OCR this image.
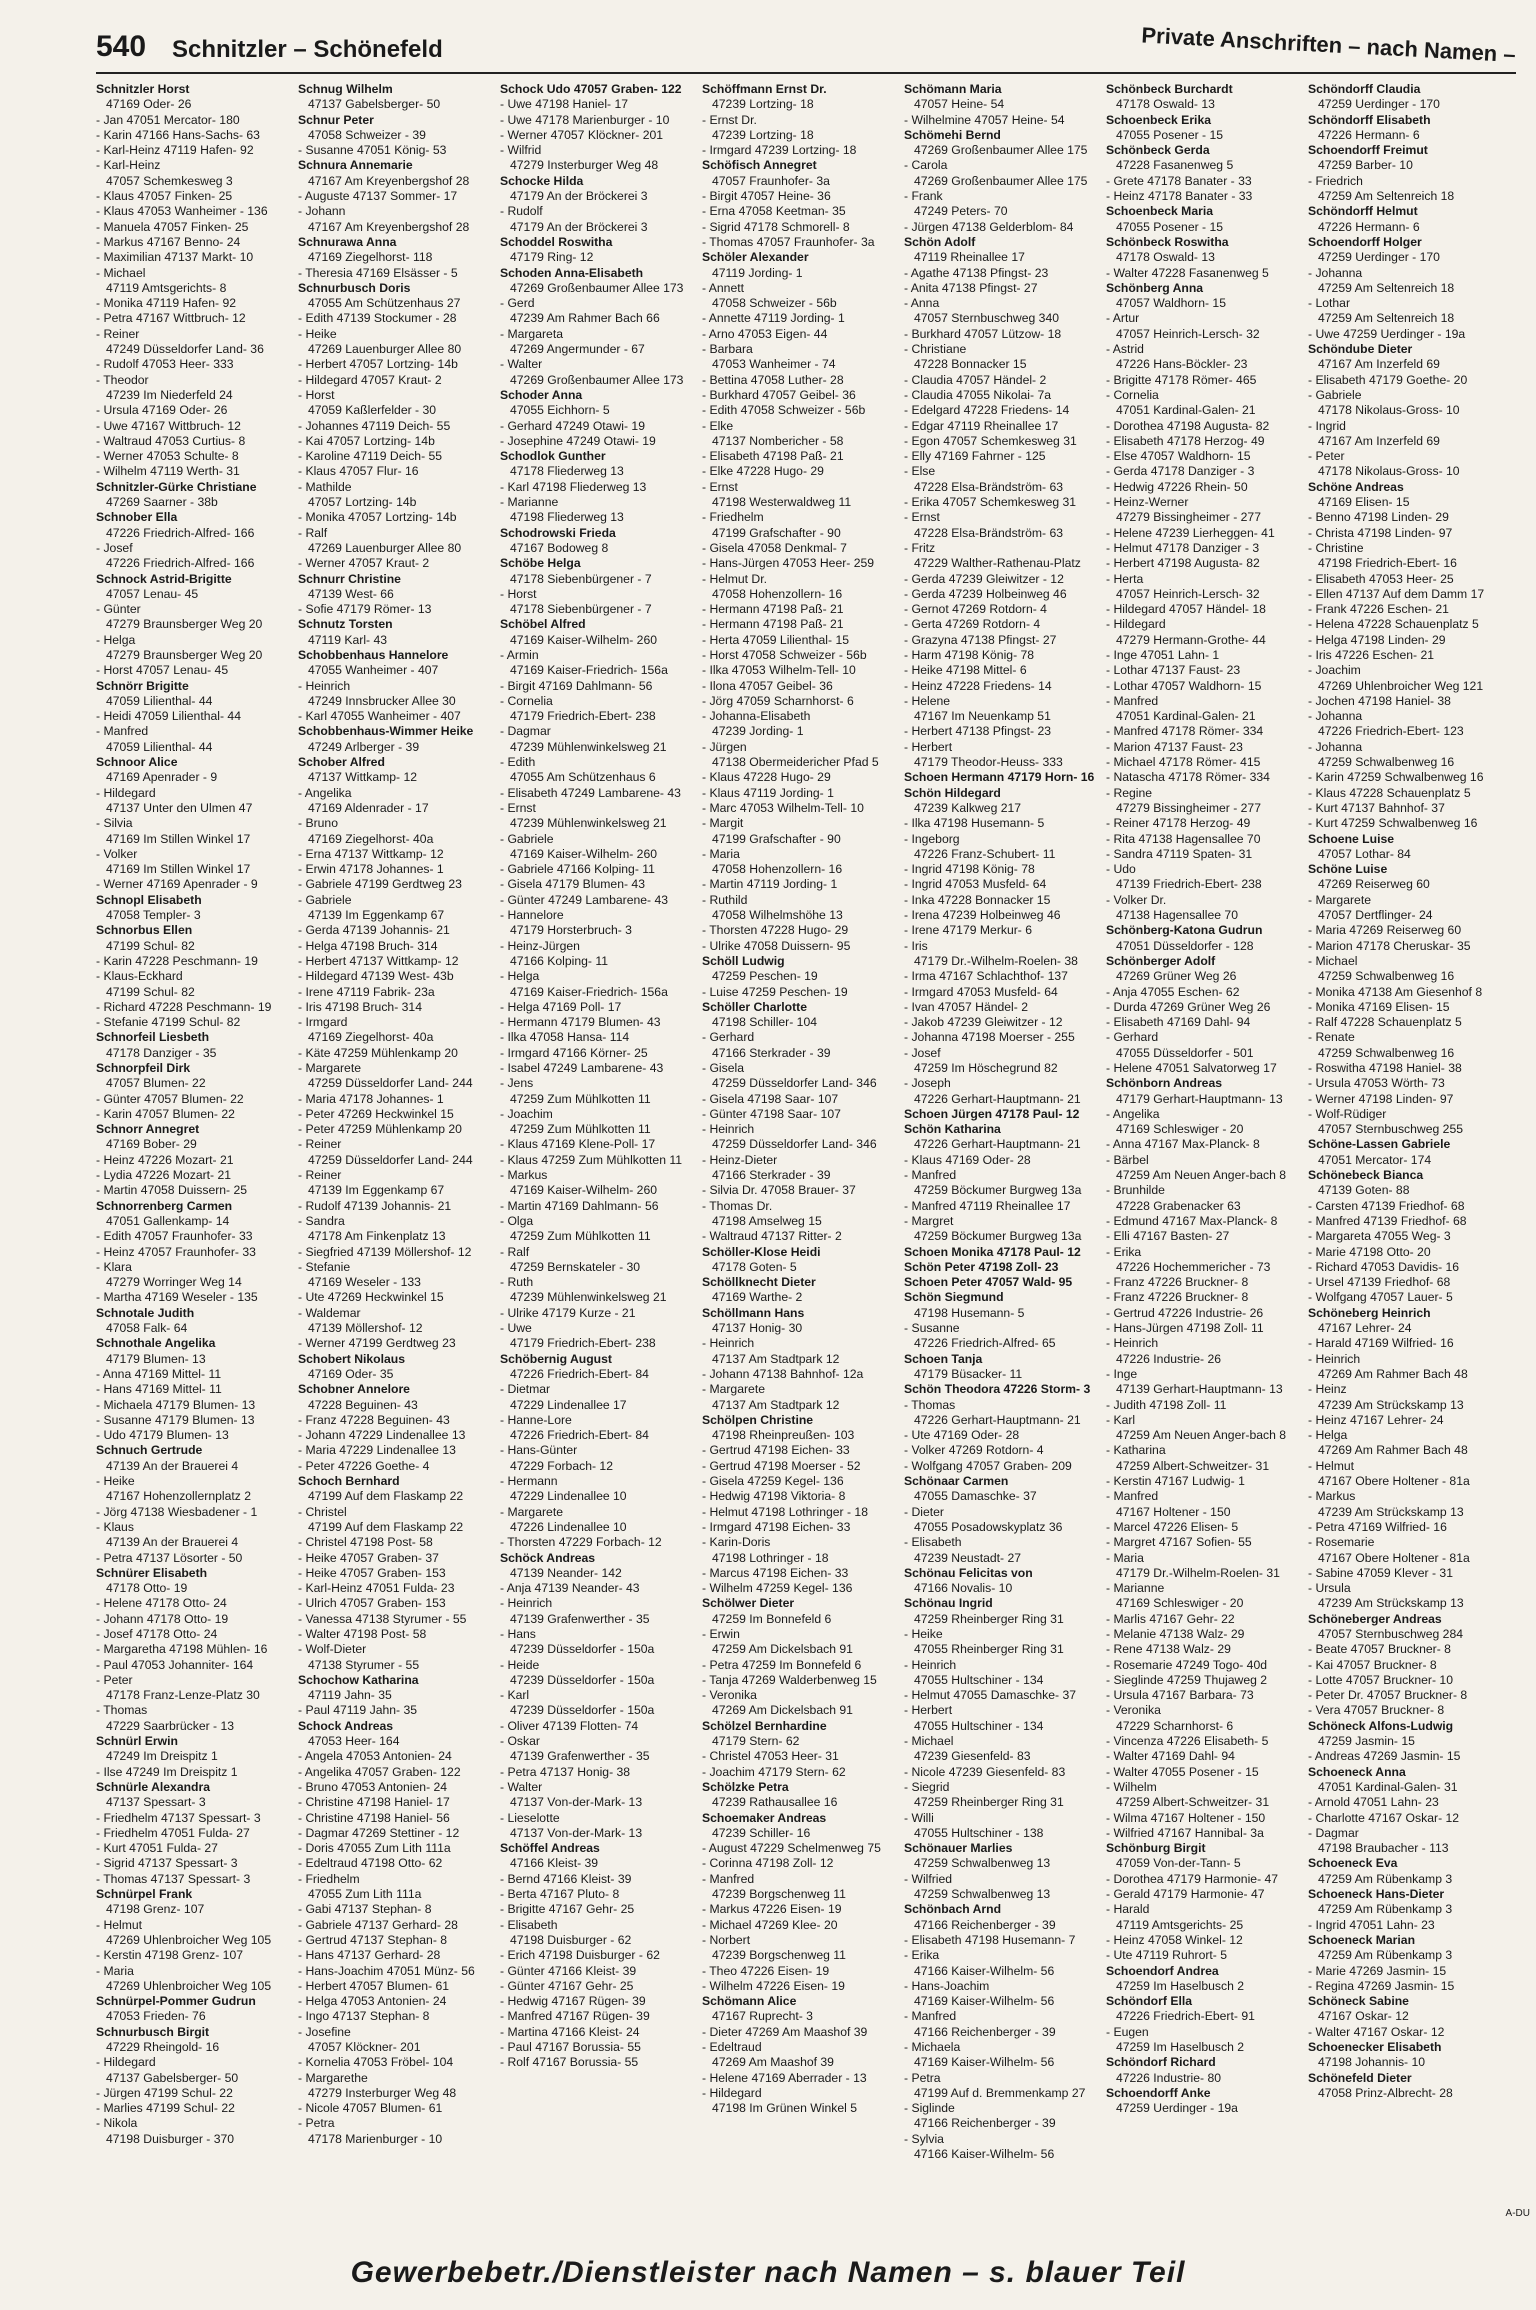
540 Schnitzler – Schönefeld	Private Anschriften – nach Namen –
Schnitzler Horst
47169 Oder- 26
- Jan 47051 Mercator- 180
- Karin 47166 Hans-Sachs- 63
- Karl-Heinz 47119 Hafen- 92
- Karl-Heinz
47057 Schemkesweg 3
- Klaus 47057 Finken- 25
- Klaus 47053 Wanheimer - 136
- Manuela 47057 Finken- 25
- Markus 47167 Benno- 24
- Maximilian 47137 Markt- 10
- Michael
47119 Amtsgerichts- 8
- Monika 47119 Hafen- 92
- Petra 47167 Wittbruch- 12
- Reiner
47249 Düsseldorfer Land- 36
- Rudolf 47053 Heer- 333
- Theodor
47239 Im Niederfeld 24
- Ursula 47169 Oder- 26
- Uwe 47167 Wittbruch- 12
- Waltraud 47053 Curtius- 8
- Werner 47053 Schulte- 8
- Wilhelm 47119 Werth- 31
Schnitzler-Gürke Christiane
47269 Saarner - 38b
Schnober Ella
47226 Friedrich-Alfred- 166
- Josef
47226 Friedrich-Alfred- 166
Schnock Astrid-Brigitte
47057 Lenau- 45
- Günter
47279 Braunsberger Weg 20
- Helga
47279 Braunsberger Weg 20
- Horst 47057 Lenau- 45
Schnörr Brigitte
47059 Lilienthal- 44
- Heidi 47059 Lilienthal- 44
- Manfred
47059 Lilienthal- 44
Schnoor Alice
47169 Apenrader - 9
- Hildegard
47137 Unter den Ulmen 47
- Silvia
47169 Im Stillen Winkel 17
- Volker
47169 Im Stillen Winkel 17
- Werner 47169 Apenrader - 9
Schnopl Elisabeth
47058 Templer- 3
Schnorbus Ellen
47199 Schul- 82
- Karin 47228 Peschmann- 19
- Klaus-Eckhard
47199 Schul- 82
- Richard 47228 Peschmann- 19
- Stefanie 47199 Schul- 82
Schnorfeil Liesbeth
47178 Danziger - 35
Schnorpfeil Dirk
47057 Blumen- 22
- Günter 47057 Blumen- 22
- Karin 47057 Blumen- 22
Schnorr Annegret
47169 Bober- 29
- Heinz 47226 Mozart- 21
- Lydia 47226 Mozart- 21
- Martin 47058 Duissern- 25
Schnorrenberg Carmen
47051 Gallenkamp- 14
- Edith 47057 Fraunhofer- 33
- Heinz 47057 Fraunhofer- 33
- Klara
47279 Worringer Weg 14
- Martha 47169 Weseler - 135
Schnotale Judith
47058 Falk- 64
Schnothale Angelika
47179 Blumen- 13
- Anna 47169 Mittel- 11
- Hans 47169 Mittel- 11
- Michaela 47179 Blumen- 13
- Susanne 47179 Blumen- 13
- Udo 47179 Blumen- 13
Schnuch Gertrude
47139 An der Brauerei 4
- Heike
47167 Hohenzollernplatz 2
- Jörg 47138 Wiesbadener - 1
- Klaus
47139 An der Brauerei 4
- Petra 47137 Lösorter - 50
Schnürer Elisabeth
47178 Otto- 19
- Helene 47178 Otto- 24
- Johann 47178 Otto- 19
- Josef 47178 Otto- 24
- Margaretha 47198 Mühlen- 16
- Paul 47053 Johanniter- 164
- Peter
47178 Franz-Lenze-Platz 30
- Thomas
47229 Saarbrücker - 13
Schnürl Erwin
47249 Im Dreispitz 1
- Ilse 47249 Im Dreispitz 1
Schnürle Alexandra
47137 Spessart- 3
- Friedhelm 47137 Spessart- 3
- Friedhelm 47051 Fulda- 27
- Kurt 47051 Fulda- 27
- Sigrid 47137 Spessart- 3
- Thomas 47137 Spessart- 3
Schnürpel Frank
47198 Grenz- 107
- Helmut
47269 Uhlenbroicher Weg 105
- Kerstin 47198 Grenz- 107
- Maria
47269 Uhlenbroicher Weg 105
Schnürpel-Pommer Gudrun
47053 Frieden- 76
Schnurbusch Birgit
47229 Rheingold- 16
- Hildegard
47137 Gabelsberger- 50
- Jürgen 47199 Schul- 22
- Marlies 47199 Schul- 22
- Nikola
47198 Duisburger - 370
Schnug Wilhelm
47137 Gabelsberger- 50
Schnur Peter
47058 Schweizer - 39
- Susanne 47051 König- 53
Schnura Annemarie
47167 Am Kreyenbergshof 28
- Auguste 47137 Sommer- 17
- Johann
47167 Am Kreyenbergshof 28
Schnurawa Anna
47169 Ziegelhorst- 118
- Theresia 47169 Elsässer - 5
Schnurbusch Doris
47055 Am Schützenhaus 27
- Edith 47139 Stockumer - 28
- Heike
47269 Lauenburger Allee 80
- Herbert 47057 Lortzing- 14b
- Hildegard 47057 Kraut- 2
- Horst
47059 Kaßlerfelder - 30
- Johannes 47119 Deich- 55
- Kai 47057 Lortzing- 14b
- Karoline 47119 Deich- 55
- Klaus 47057 Flur- 16
- Mathilde
47057 Lortzing- 14b
- Monika 47057 Lortzing- 14b
- Ralf
47269 Lauenburger Allee 80
- Werner 47057 Kraut- 2
Schnurr Christine
47139 West- 66
- Sofie 47179 Römer- 13
Schnutz Torsten
47119 Karl- 43
Schobbenhaus Hannelore
47055 Wanheimer - 407
- Heinrich
47249 Innsbrucker Allee 30
- Karl 47055 Wanheimer - 407
Schobbenhaus-Wimmer Heike
47249 Arlberger - 39
Schober Alfred
47137 Wittkamp- 12
- Angelika
47169 Aldenrader - 17
- Bruno
47169 Ziegelhorst- 40a
- Erna 47137 Wittkamp- 12
- Erwin 47178 Johannes- 1
- Gabriele 47199 Gerdtweg 23
- Gabriele
47139 Im Eggenkamp 67
- Gerda 47139 Johannis- 21
- Helga 47198 Bruch- 314
- Herbert 47137 Wittkamp- 12
- Hildegard 47139 West- 43b
- Irene 47119 Fabrik- 23a
- Iris 47198 Bruch- 314
- Irmgard
47169 Ziegelhorst- 40a
- Käte 47259 Mühlenkamp 20
- Margarete
47259 Düsseldorfer Land- 244
- Maria 47178 Johannes- 1
- Peter 47269 Heckwinkel 15
- Peter 47259 Mühlenkamp 20
- Reiner
47259 Düsseldorfer Land- 244
- Reiner
47139 Im Eggenkamp 67
- Rudolf 47139 Johannis- 21
- Sandra
47178 Am Finkenplatz 13
- Siegfried 47139 Möllershof- 12
- Stefanie
47169 Weseler - 133
- Ute 47269 Heckwinkel 15
- Waldemar
47139 Möllershof- 12
- Werner 47199 Gerdtweg 23
Schobert Nikolaus
47169 Oder- 35
Schobner Annelore
47228 Beguinen- 43
- Franz 47228 Beguinen- 43
- Johann 47229 Lindenallee 13
- Maria 47229 Lindenallee 13
- Peter 47226 Goethe- 4
Schoch Bernhard
47199 Auf dem Flaskamp 22
- Christel
47199 Auf dem Flaskamp 22
- Christel 47198 Post- 58
- Heike 47057 Graben- 37
- Heike 47057 Graben- 153
- Karl-Heinz 47051 Fulda- 23
- Ulrich 47057 Graben- 153
- Vanessa 47138 Styrumer - 55
- Walter 47198 Post- 58
- Wolf-Dieter
47138 Styrumer - 55
Schochow Katharina
47119 Jahn- 35
- Paul 47119 Jahn- 35
Schock Andreas
47053 Heer- 164
- Angela 47053 Antonien- 24
- Angelika 47057 Graben- 122
- Bruno 47053 Antonien- 24
- Christine 47198 Haniel- 17
- Christine 47198 Haniel- 56
- Dagmar 47269 Stettiner - 12
- Doris 47055 Zum Lith 111a
- Edeltraud 47198 Otto- 62
- Friedhelm
47055 Zum Lith 111a
- Gabi 47137 Stephan- 8
- Gabriele 47137 Gerhard- 28
- Gertrud 47137 Stephan- 8
- Hans 47137 Gerhard- 28
- Hans-Joachim 47051 Münz- 56
- Herbert 47057 Blumen- 61
- Helga 47053 Antonien- 24
- Ingo 47137 Stephan- 8
- Josefine
47057 Klöckner- 201
- Kornelia 47053 Fröbel- 104
- Margarethe
47279 Insterburger Weg 48
- Nicole 47057 Blumen- 61
- Petra
47178 Marienburger - 10
Schock Udo 47057 Graben- 122
- Uwe 47198 Haniel- 17
- Uwe 47178 Marienburger - 10
- Werner 47057 Klöckner- 201
- Wilfrid
47279 Insterburger Weg 48
Schocke Hilda
47179 An der Bröckerei 3
- Rudolf
47179 An der Bröckerei 3
Schoddel Roswitha
47179 Ring- 12
Schoden Anna-Elisabeth
47269 Großenbaumer Allee 173
- Gerd
47239 Am Rahmer Bach 66
- Margareta
47269 Angermunder - 67
- Walter
47269 Großenbaumer Allee 173
Schoder Anna
47055 Eichhorn- 5
- Gerhard 47249 Otawi- 19
- Josephine 47249 Otawi- 19
Schodlok Gunther
47178 Fliederweg 13
- Karl 47198 Fliederweg 13
- Marianne
47198 Fliederweg 13
Schodrowski Frieda
47167 Bodoweg 8
Schöbe Helga
47178 Siebenbürgener - 7
- Horst
47178 Siebenbürgener - 7
Schöbel Alfred
47169 Kaiser-Wilhelm- 260
- Armin
47169 Kaiser-Friedrich- 156a
- Birgit 47169 Dahlmann- 56
- Cornelia
47179 Friedrich-Ebert- 238
- Dagmar
47239 Mühlenwinkelsweg 21
- Edith
47055 Am Schützenhaus 6
- Elisabeth 47249 Lambarene- 43
- Ernst
47239 Mühlenwinkelsweg 21
- Gabriele
47169 Kaiser-Wilhelm- 260
- Gabriele 47166 Kolping- 11
- Gisela 47179 Blumen- 43
- Günter 47249 Lambarene- 43
- Hannelore
47179 Horsterbruch- 3
- Heinz-Jürgen
47166 Kolping- 11
- Helga
47169 Kaiser-Friedrich- 156a
- Helga 47169 Poll- 17
- Hermann 47179 Blumen- 43
- Ilka 47058 Hansa- 114
- Irmgard 47166 Körner- 25
- Isabel 47249 Lambarene- 43
- Jens
47259 Zum Mühlkotten 11
- Joachim
47259 Zum Mühlkotten 11
- Klaus 47169 Klene-Poll- 17
- Klaus 47259 Zum Mühlkotten 11
- Markus
47169 Kaiser-Wilhelm- 260
- Martin 47169 Dahlmann- 56
- Olga
47259 Zum Mühlkotten 11
- Ralf
47259 Bernskateler - 30
- Ruth
47239 Mühlenwinkelsweg 21
- Ulrike 47179 Kurze - 21
- Uwe
47179 Friedrich-Ebert- 238
Schöbernig August
47226 Friedrich-Ebert- 84
- Dietmar
47229 Lindenallee 17
- Hanne-Lore
47226 Friedrich-Ebert- 84
- Hans-Günter
47229 Forbach- 12
- Hermann
47229 Lindenallee 10
- Margarete
47226 Lindenallee 10
- Thorsten 47229 Forbach- 12
Schöck Andreas
47139 Neander- 142
- Anja 47139 Neander- 43
- Heinrich
47139 Grafenwerther - 35
- Hans
47239 Düsseldorfer - 150a
- Heide
47239 Düsseldorfer - 150a
- Karl
47239 Düsseldorfer - 150a
- Oliver 47139 Flotten- 74
- Oskar
47139 Grafenwerther - 35
- Petra 47137 Honig- 38
- Walter
47137 Von-der-Mark- 13
- Lieselotte
47137 Von-der-Mark- 13
Schöffel Andreas
47166 Kleist- 39
- Bernd 47166 Kleist- 39
- Berta 47167 Pluto- 8
- Brigitte 47167 Gehr- 25
- Elisabeth
47198 Duisburger - 62
- Erich 47198 Duisburger - 62
- Günter 47166 Kleist- 39
- Günter 47167 Gehr- 25
- Hedwig 47167 Rügen- 39
- Manfred 47167 Rügen- 39
- Martina 47166 Kleist- 24
- Paul 47167 Borussia- 55
- Rolf 47167 Borussia- 55
Schöffmann Ernst Dr.
47239 Lortzing- 18
- Ernst Dr.
47239 Lortzing- 18
- Irmgard 47239 Lortzing- 18
Schöfisch Annegret
47057 Fraunhofer- 3a
- Birgit 47057 Heine- 36
- Erna 47058 Keetman- 35
- Sigrid 47178 Schmorell- 8
- Thomas 47057 Fraunhofer- 3a
Schöler Alexander
47119 Jording- 1
- Annett
47058 Schweizer - 56b
- Annette 47119 Jording- 1
- Arno 47053 Eigen- 44
- Barbara
47053 Wanheimer - 74
- Bettina 47058 Luther- 28
- Burkhard 47057 Geibel- 36
- Edith 47058 Schweizer - 56b
- Elke
47137 Nombericher - 58
- Elisabeth 47198 Paß- 21
- Elke 47228 Hugo- 29
- Ernst
47198 Westerwaldweg 11
- Friedhelm
47199 Grafschafter - 90
- Gisela 47058 Denkmal- 7
- Hans-Jürgen 47053 Heer- 259
- Helmut Dr.
47058 Hohenzollern- 16
- Hermann 47198 Paß- 21
- Hermann 47198 Paß- 21
- Herta 47059 Lilienthal- 15
- Horst 47058 Schweizer - 56b
- Ilka 47053 Wilhelm-Tell- 10
- Ilona 47057 Geibel- 36
- Jörg 47059 Scharnhorst- 6
- Johanna-Elisabeth
47239 Jording- 1
- Jürgen
47138 Obermeidericher Pfad 5
- Klaus 47228 Hugo- 29
- Klaus 47119 Jording- 1
- Marc 47053 Wilhelm-Tell- 10
- Margit
47199 Grafschafter - 90
- Maria
47058 Hohenzollern- 16
- Martin 47119 Jording- 1
- Ruthild
47058 Wilhelmshöhe 13
- Thorsten 47228 Hugo- 29
- Ulrike 47058 Duissern- 95
Schöll Ludwig
47259 Peschen- 19
- Luise 47259 Peschen- 19
Schöller Charlotte
47198 Schiller- 104
- Gerhard
47166 Sterkrader - 39
- Gisela
47259 Düsseldorfer Land- 346
- Gisela 47198 Saar- 107
- Günter 47198 Saar- 107
- Heinrich
47259 Düsseldorfer Land- 346
- Heinz-Dieter
47166 Sterkrader - 39
- Silvia Dr. 47058 Brauer- 37
- Thomas Dr.
47198 Amselweg 15
- Waltraud 47137 Ritter- 2
Schöller-Klose Heidi
47178 Goten- 5
Schöllknecht Dieter
47169 Warthe- 2
Schöllmann Hans
47137 Honig- 30
- Heinrich
47137 Am Stadtpark 12
- Johann 47138 Bahnhof- 12a
- Margarete
47137 Am Stadtpark 12
Schölpen Christine
47198 Rheinpreußen- 103
- Gertrud 47198 Eichen- 33
- Gertrud 47198 Moerser - 52
- Gisela 47259 Kegel- 136
- Hedwig 47198 Viktoria- 8
- Helmut 47198 Lothringer - 18
- Irmgard 47198 Eichen- 33
- Karin-Doris
47198 Lothringer - 18
- Marcus 47198 Eichen- 33
- Wilhelm 47259 Kegel- 136
Schölwer Dieter
47259 Im Bonnefeld 6
- Erwin
47259 Am Dickelsbach 91
- Petra 47259 Im Bonnefeld 6
- Tanja 47269 Walderbenweg 15
- Veronika
47269 Am Dickelsbach 91
Schölzel Bernhardine
47179 Stern- 62
- Christel 47053 Heer- 31
- Joachim 47179 Stern- 62
Schölzke Petra
47239 Rathausallee 16
Schoemaker Andreas
47239 Schiller- 16
- August 47229 Schelmenweg 75
- Corinna 47198 Zoll- 12
- Manfred
47239 Borgschenweg 11
- Markus 47226 Eisen- 19
- Michael 47269 Klee- 20
- Norbert
47239 Borgschenweg 11
- Theo 47226 Eisen- 19
- Wilhelm 47226 Eisen- 19
Schömann Alice
47167 Ruprecht- 3
- Dieter 47269 Am Maashof 39
- Edeltraud
47269 Am Maashof 39
- Helene 47169 Aberrader - 13
- Hildegard
47198 Im Grünen Winkel 5
Schömann Maria
47057 Heine- 54
- Wilhelmine 47057 Heine- 54
Schömehi Bernd
47269 Großenbaumer Allee 175
- Carola
47269 Großenbaumer Allee 175
- Frank
47249 Peters- 70
- Jürgen 47138 Gelderblom- 84
Schön Adolf
47119 Rheinallee 17
- Agathe 47138 Pfingst- 23
- Anita 47138 Pfingst- 27
- Anna
47057 Sternbuschweg 340
- Burkhard 47057 Lützow- 18
- Christiane
47228 Bonnacker 15
- Claudia 47057 Händel- 2
- Claudia 47055 Nikolai- 7a
- Edelgard 47228 Friedens- 14
- Edgar 47119 Rheinallee 17
- Egon 47057 Schemkesweg 31
- Elly 47169 Fahrner - 125
- Else
47228 Elsa-Brändström- 63
- Erika 47057 Schemkesweg 31
- Ernst
47228 Elsa-Brändström- 63
- Fritz
47229 Walther-Rathenau-Platz
- Gerda 47239 Gleiwitzer - 12
- Gerda 47239 Holbeinweg 46
- Gernot 47269 Rotdorn- 4
- Gerta 47269 Rotdorn- 4
- Grazyna 47138 Pfingst- 27
- Harm 47198 König- 78
- Heike 47198 Mittel- 6
- Heinz 47228 Friedens- 14
- Helene
47167 Im Neuenkamp 51
- Herbert 47138 Pfingst- 23
- Herbert
47179 Theodor-Heuss- 333
Schoen Hermann 47179 Horn- 16
Schön Hildegard
47239 Kalkweg 217
- Ilka 47198 Husemann- 5
- Ingeborg
47226 Franz-Schubert- 11
- Ingrid 47198 König- 78
- Ingrid 47053 Musfeld- 64
- Inka 47228 Bonnacker 15
- Irena 47239 Holbeinweg 46
- Irene 47179 Merkur- 6
- Iris
47179 Dr.-Wilhelm-Roelen- 38
- Irma 47167 Schlachthof- 137
- Irmgard 47053 Musfeld- 64
- Ivan 47057 Händel- 2
- Jakob 47239 Gleiwitzer - 12
- Johanna 47198 Moerser - 255
- Josef
47259 Im Höschegrund 82
- Joseph
47226 Gerhart-Hauptmann- 21
Schoen Jürgen 47178 Paul- 12
Schön Katharina
47226 Gerhart-Hauptmann- 21
- Klaus 47169 Oder- 28
- Manfred
47259 Böckumer Burgweg 13a
- Manfred 47119 Rheinallee 17
- Margret
47259 Böckumer Burgweg 13a
Schoen Monika 47178 Paul- 12
Schön Peter 47198 Zoll- 23
Schoen Peter 47057 Wald- 95
Schön Siegmund
47198 Husemann- 5
- Susanne
47226 Friedrich-Alfred- 65
Schoen Tanja
47179 Büsacker- 11
Schön Theodora 47226 Storm- 3
- Thomas
47226 Gerhart-Hauptmann- 21
- Ute 47169 Oder- 28
- Volker 47269 Rotdorn- 4
- Wolfgang 47057 Graben- 209
Schönaar Carmen
47055 Damaschke- 37
- Dieter
47055 Posadowskyplatz 36
- Elisabeth
47239 Neustadt- 27
Schönau Felicitas von
47166 Novalis- 10
Schönau Ingrid
47259 Rheinberger Ring 31
- Heike
47055 Rheinberger Ring 31
- Heinrich
47055 Hultschiner - 134
- Helmut 47055 Damaschke- 37
- Herbert
47055 Hultschiner - 134
- Michael
47239 Giesenfeld- 83
- Nicole 47239 Giesenfeld- 83
- Siegrid
47259 Rheinberger Ring 31
- Willi
47055 Hultschiner - 138
Schönauer Marlies
47259 Schwalbenweg 13
- Wilfried
47259 Schwalbenweg 13
Schönbach Arnd
47166 Reichenberger - 39
- Elisabeth 47198 Husemann- 7
- Erika
47166 Kaiser-Wilhelm- 56
- Hans-Joachim
47169 Kaiser-Wilhelm- 56
- Manfred
47166 Reichenberger - 39
- Michaela
47169 Kaiser-Wilhelm- 56
- Petra
47199 Auf d. Bremmenkamp 27
- Siglinde
47166 Reichenberger - 39
- Sylvia
47166 Kaiser-Wilhelm- 56
Schönbeck Burchardt
47178 Oswald- 13
Schoenbeck Erika
47055 Posener - 15
Schönbeck Gerda
47228 Fasanenweg 5
- Grete 47178 Banater - 33
- Heinz 47178 Banater - 33
Schoenbeck Maria
47055 Posener - 15
Schönbeck Roswitha
47178 Oswald- 13
- Walter 47228 Fasanenweg 5
Schönberg Anna
47057 Waldhorn- 15
- Artur
47057 Heinrich-Lersch- 32
- Astrid
47226 Hans-Böckler- 23
- Brigitte 47178 Römer- 465
- Cornelia
47051 Kardinal-Galen- 21
- Dorothea 47198 Augusta- 82
- Elisabeth 47178 Herzog- 49
- Else 47057 Waldhorn- 15
- Gerda 47178 Danziger - 3
- Hedwig 47226 Rhein- 50
- Heinz-Werner
47279 Bissingheimer - 277
- Helene 47239 Lierheggen- 41
- Helmut 47178 Danziger - 3
- Herbert 47198 Augusta- 82
- Herta
47057 Heinrich-Lersch- 32
- Hildegard 47057 Händel- 18
- Hildegard
47279 Hermann-Grothe- 44
- Inge 47051 Lahn- 1
- Lothar 47137 Faust- 23
- Lothar 47057 Waldhorn- 15
- Manfred
47051 Kardinal-Galen- 21
- Manfred 47178 Römer- 334
- Marion 47137 Faust- 23
- Michael 47178 Römer- 415
- Natascha 47178 Römer- 334
- Regine
47279 Bissingheimer - 277
- Reiner 47178 Herzog- 49
- Rita 47138 Hagensallee 70
- Sandra 47119 Spaten- 31
- Udo
47139 Friedrich-Ebert- 238
- Volker Dr.
47138 Hagensallee 70
Schönberg-Katona Gudrun
47051 Düsseldorfer - 128
Schönberger Adolf
47269 Grüner Weg 26
- Anja 47055 Eschen- 62
- Durda 47269 Grüner Weg 26
- Elisabeth 47169 Dahl- 94
- Gerhard
47055 Düsseldorfer - 501
- Helene 47051 Salvatorweg 17
Schönborn Andreas
47179 Gerhart-Hauptmann- 13
- Angelika
47169 Schleswiger - 20
- Anna 47167 Max-Planck- 8
- Bärbel
47259 Am Neuen Anger-bach 8
- Brunhilde
47228 Grabenacker 63
- Edmund 47167 Max-Planck- 8
- Elli 47167 Basten- 27
- Erika
47226 Hochemmericher - 73
- Franz 47226 Bruckner- 8
- Franz 47226 Bruckner- 8
- Gertrud 47226 Industrie- 26
- Hans-Jürgen 47198 Zoll- 11
- Heinrich
47226 Industrie- 26
- Inge
47139 Gerhart-Hauptmann- 13
- Judith 47198 Zoll- 11
- Karl
47259 Am Neuen Anger-bach 8
- Katharina
47259 Albert-Schweitzer- 31
- Kerstin 47167 Ludwig- 1
- Manfred
47167 Holtener - 150
- Marcel 47226 Elisen- 5
- Margret 47167 Sofien- 55
- Maria
47179 Dr.-Wilhelm-Roelen- 31
- Marianne
47169 Schleswiger - 20
- Marlis 47167 Gehr- 22
- Melanie 47138 Walz- 29
- Rene 47138 Walz- 29
- Rosemarie 47249 Togo- 40d
- Sieglinde 47259 Thujaweg 2
- Ursula 47167 Barbara- 73
- Veronika
47229 Scharnhorst- 6
- Vincenza 47226 Elisabeth- 5
- Walter 47169 Dahl- 94
- Walter 47055 Posener - 15
- Wilhelm
47259 Albert-Schweitzer- 31
- Wilma 47167 Holtener - 150
- Wilfried 47167 Hannibal- 3a
Schönburg Birgit
47059 Von-der-Tann- 5
- Dorothea 47179 Harmonie- 47
- Gerald 47179 Harmonie- 47
- Harald
47119 Amtsgerichts- 25
- Heinz 47058 Winkel- 12
- Ute 47119 Ruhrort- 5
Schoendorf Andrea
47259 Im Haselbusch 2
Schöndorf Ella
47226 Friedrich-Ebert- 91
- Eugen
47259 Im Haselbusch 2
Schöndorf Richard
47226 Industrie- 80
Schoendorff Anke
47259 Uerdinger - 19a
Schöndorff Claudia
47259 Uerdinger - 170
Schöndorff Elisabeth
47226 Hermann- 6
Schoendorff Freimut
47259 Barber- 10
- Friedrich
47259 Am Seltenreich 18
Schöndorff Helmut
47226 Hermann- 6
Schoendorff Holger
47259 Uerdinger - 170
- Johanna
47259 Am Seltenreich 18
- Lothar
47259 Am Seltenreich 18
- Uwe 47259 Uerdinger - 19a
Schöndube Dieter
47167 Am Inzerfeld 69
- Elisabeth 47179 Goethe- 20
- Gabriele
47178 Nikolaus-Gross- 10
- Ingrid
47167 Am Inzerfeld 69
- Peter
47178 Nikolaus-Gross- 10
Schöne Andreas
47169 Elisen- 15
- Benno 47198 Linden- 29
- Christa 47198 Linden- 97
- Christine
47198 Friedrich-Ebert- 16
- Elisabeth 47053 Heer- 25
- Ellen 47137 Auf dem Damm 17
- Frank 47226 Eschen- 21
- Helena 47228 Schauenplatz 5
- Helga 47198 Linden- 29
- Iris 47226 Eschen- 21
- Joachim
47269 Uhlenbroicher Weg 121
- Jochen 47198 Haniel- 38
- Johanna
47226 Friedrich-Ebert- 123
- Johanna
47259 Schwalbenweg 16
- Karin 47259 Schwalbenweg 16
- Klaus 47228 Schauenplatz 5
- Kurt 47137 Bahnhof- 37
- Kurt 47259 Schwalbenweg 16
Schoene Luise
47057 Lothar- 84
Schöne Luise
47269 Reiserweg 60
- Margarete
47057 Dertflinger- 24
- Maria 47269 Reiserweg 60
- Marion 47178 Cheruskar- 35
- Michael
47259 Schwalbenweg 16
- Monika 47138 Am Giesenhof 8
- Monika 47169 Elisen- 15
- Ralf 47228 Schauenplatz 5
- Renate
47259 Schwalbenweg 16
- Roswitha 47198 Haniel- 38
- Ursula 47053 Wörth- 73
- Werner 47198 Linden- 97
- Wolf-Rüdiger
47057 Sternbuschweg 255
Schöne-Lassen Gabriele
47051 Mercator- 174
Schönebeck Bianca
47139 Goten- 88
- Carsten 47139 Friedhof- 68
- Manfred 47139 Friedhof- 68
- Margareta 47055 Weg- 3
- Marie 47198 Otto- 20
- Richard 47053 Davidis- 16
- Ursel 47139 Friedhof- 68
- Wolfgang 47057 Lauer- 5
Schöneberg Heinrich
47167 Lehrer- 24
- Harald 47169 Wilfried- 16
- Heinrich
47269 Am Rahmer Bach 48
- Heinz
47239 Am Strückskamp 13
- Heinz 47167 Lehrer- 24
- Helga
47269 Am Rahmer Bach 48
- Helmut
47167 Obere Holtener - 81a
- Markus
47239 Am Strückskamp 13
- Petra 47169 Wilfried- 16
- Rosemarie
47167 Obere Holtener - 81a
- Sabine 47059 Klever - 31
- Ursula
47239 Am Strückskamp 13
Schöneberger Andreas
47057 Sternbuschweg 284
- Beate 47057 Bruckner- 8
- Kai 47057 Bruckner- 8
- Lotte 47057 Bruckner- 10
- Peter Dr. 47057 Bruckner- 8
- Vera 47057 Bruckner- 8
Schöneck Alfons-Ludwig
47259 Jasmin- 15
- Andreas 47269 Jasmin- 15
Schoeneck Anna
47051 Kardinal-Galen- 31
- Arnold 47051 Lahn- 23
- Charlotte 47167 Oskar- 12
- Dagmar
47198 Braubacher - 113
Schoeneck Eva
47259 Am Rübenkamp 3
Schoeneck Hans-Dieter
47259 Am Rübenkamp 3
- Ingrid 47051 Lahn- 23
Schoeneck Marian
47259 Am Rübenkamp 3
- Marie 47269 Jasmin- 15
- Regina 47269 Jasmin- 15
Schöneck Sabine
47167 Oskar- 12
- Walter 47167 Oskar- 12
Schoenecker Elisabeth
47198 Johannis- 10
Schönefeld Dieter
47058 Prinz-Albrecht- 28
Gewerbebetr./Dienstleister nach Namen – s. blauer Teil
A-DU
